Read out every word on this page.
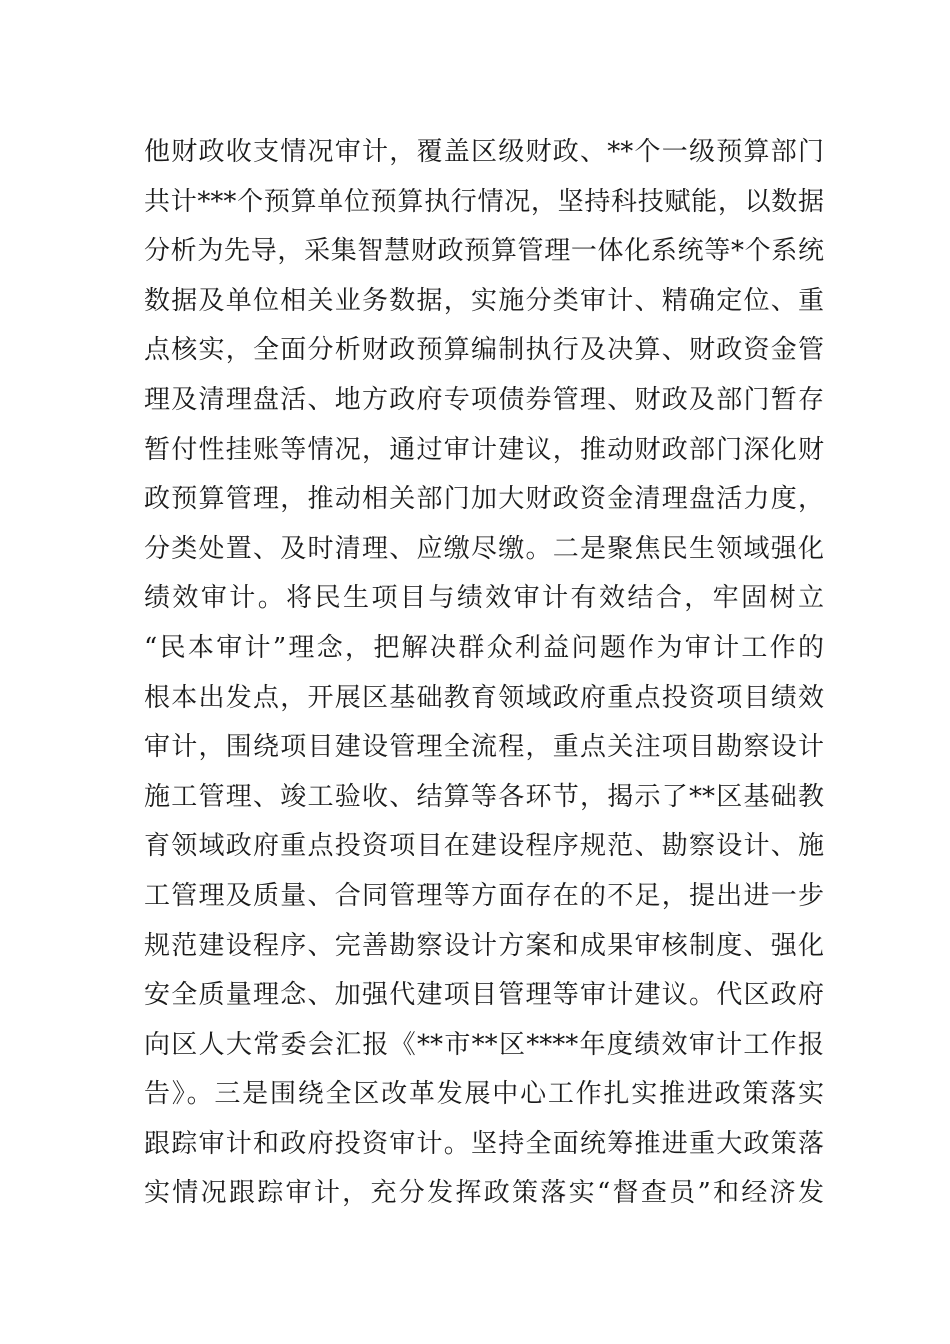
他财政收支情况审计，覆盖区级财政、**个一级预算部门
共计***个预算单位预算执行情况，坚持科技赋能，以数据
分析为先导，采集智慧财政预算管理一体化系统等*个系统
数据及单位相关业务数据，实施分类审计、精确定位、重
点核实，全面分析财政预算编制执行及决算、财政资金管
理及清理盘活、地方政府专项债券管理、财政及部门暂存
暂付性挂账等情况，通过审计建议，推动财政部门深化财
政预算管理，推动相关部门加大财政资金清理盘活力度，
分类处置、及时清理、应缴尽缴。二是聚焦民生领域强化
绩效审计。将民生项目与绩效审计有效结合，牢固树立
“民本审计”理念，把解决群众利益问题作为审计工作的
根本出发点，开展区基础教育领域政府重点投资项目绩效
审计，围绕项目建设管理全流程，重点关注项目勘察设计
施工管理、竣工验收、结算等各环节，揭示了**区基础教
育领域政府重点投资项目在建设程序规范、勘察设计、施
工管理及质量、合同管理等方面存在的不足，提出进一步
规范建设程序、完善勘察设计方案和成果审核制度、强化
安全质量理念、加强代建项目管理等审计建议。代区政府
向区人大常委会汇报《**市**区****年度绩效审计工作报
告》。三是围绕全区改革发展中心工作扎实推进政策落实
跟踪审计和政府投资审计。坚持全面统筹推进重大政策落
实情况跟踪审计，充分发挥政策落实“督查员”和经济发
